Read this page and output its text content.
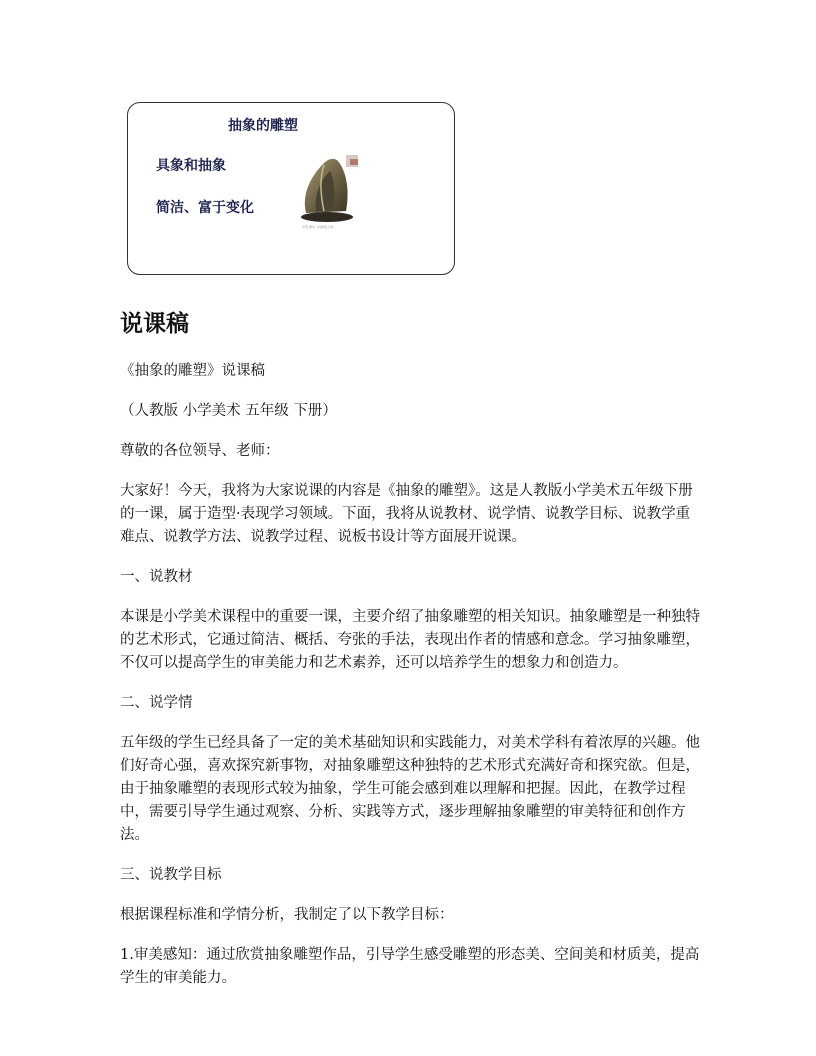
抽象的雕塑
具象和抽象
简洁、富于变化
亨利·摩尔《斜倚的人形》
说课稿

《抽象的雕塑》说课稿

（人教版 小学美术 五年级 下册）

尊敬的各位领导、老师：

大家好！今天，我将为大家说课的内容是《抽象的雕塑》。这是人教版小学美术五年级下册的一课，属于造型·表现学习领域。下面，我将从说教材、说学情、说教学目标、说教学重难点、说教学方法、说教学过程、说板书设计等方面展开说课。

一、说教材

本课是小学美术课程中的重要一课，主要介绍了抽象雕塑的相关知识。抽象雕塑是一种独特的艺术形式，它通过简洁、概括、夸张的手法，表现出作者的情感和意念。学习抽象雕塑，不仅可以提高学生的审美能力和艺术素养，还可以培养学生的想象力和创造力。

二、说学情

五年级的学生已经具备了一定的美术基础知识和实践能力，对美术学科有着浓厚的兴趣。他们好奇心强，喜欢探究新事物，对抽象雕塑这种独特的艺术形式充满好奇和探究欲。但是，由于抽象雕塑的表现形式较为抽象，学生可能会感到难以理解和把握。因此，在教学过程中，需要引导学生通过观察、分析、实践等方式，逐步理解抽象雕塑的审美特征和创作方法。

三、说教学目标

根据课程标准和学情分析，我制定了以下教学目标：

1.审美感知：通过欣赏抽象雕塑作品，引导学生感受雕塑的形态美、空间美和材质美，提高学生的审美能力。
